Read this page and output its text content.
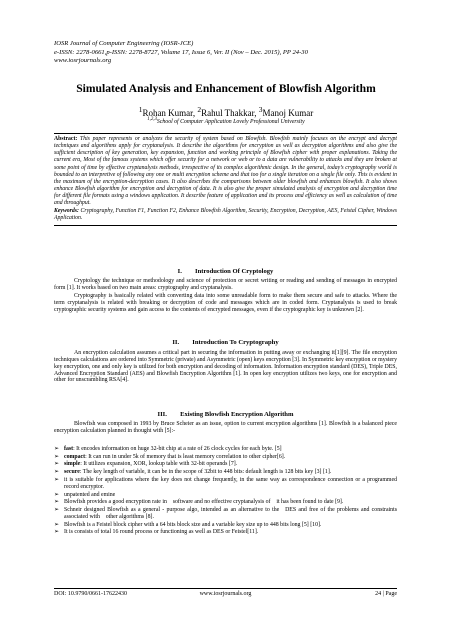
IOSR Journal of Computer Engineering (IOSR-JCE)
e-ISSN: 2278-0661,p-ISSN: 2278-8727, Volume 17, Issue 6, Ver. II (Nov – Dec. 2015), PP 24-30
www.iosrjournals.org
Simulated Analysis and Enhancement of Blowfish Algorithm
$^1$Rohan Kumar, $^2$Rahul Thakkar, $^3$Manoj Kumar
$^{1,2,3}$School of Computer Application Lovely Professional University

Abstract: This paper represents or analyzes the security of system based on Blowfish. Blowfish mainly focuses on the encrypt and decrypt techniques and algorithms apply for cryptanalysis. It describe the algorithms for encryption as well as decryption algorithms and also give the sufficient description of key generation, key expansion, function and working principle of Blowfish cipher with proper explanations. Taking the current era, Most of the famous systems which offer security for a network or web or to a data are vulnerability to attacks and they are broken at some point of time by effective cryptanalysis methods, irrespective of its complex algorithmic design. In the general, today’s cryptography world is bounded to an interpretive of following any one or multi encryption scheme and that too for a single iteration on a single file only. This is evident in the maximum of the encryption-decryption cases. It also describes the comparisons between older blowfish and enhances blowfish. It also shows enhance Blowfish algorithm for encryption and decryption of data. It is also give the proper simulated analysis of encryption and decryption time for different file formats using a windows application. It describe feature of application and its process and efficiency as well as calculation of time and throughput.

Keywords: Cryptography, Function F1, Function F2, Enhance Blowfish Algorithm, Security, Encryption, Decryption, AES, Feistal Cipher, Windows Application.

I.  Introduction Of Cryptology

Cryptology the technique or methodology and science of protection or secret writing or reading and sending of messages in encrypted form [1]. It works based on two main areas: cryptography and cryptanalysis.

Cryptography is basically related with converting data into some unreadable form to make them secure and safe to attacks. Where the term cryptanalysis is related with breaking or decryption of code and messages which are in coded form. Cryptanalysis is used to break cryptographic security systems and gain access to the contents of encrypted messages, even if the cryptographic key is unknown [2].

II.  Introduction To Cryptography

An encryption calculation assumes a critical part in securing the information in putting away or exchanging it[1][9]. The file encryption techniques calculations are ordered into Symmetric (private) and Asymmetric (open) keys encryption [3]. In Symmetric key encryption or mystery key encryption, one and only key is utilized for both encryption and decoding of information. Information encryption standard (DES), Triple DES, Advanced Encryption Standard (AES) and Blowfish Encryption Algorithm [1]. In open key encryption utilizes two keys, one for encryption and other for unscrambling RSA[4].

III.  Existing Blowfish Encryption Algorithm

Blowfish was composed in 1993 by Bruce Scheier as an issue, option to current encryption algorithms [1]. Blowfish is a balanced piece encryption calculation planned in thought with [5]:-

➢ fast: It encodes information on huge 32-bit chip at a rate of 26 clock cycles for each byte. [5]
➢ compact: It can run in under 5k of memory that is least memory correlation to other cipher[6].
➢ simple: It utilizes expansion, XOR, lookup table with 32-bit operands [7].
➢ secure: The key length of variable, it can be in the scope of 32bit to 448 bits: default length is 128 bits key [3] [1].
➢ it is suitable for applications where the key does not change frequently, in the same way as correspondence connection or a programmed record encryptor.
➢ unpatented and emine
➢ Blowfish provides a good encryption rate in software and no effective cryptanalysis of it has been found to date [9].
➢ Schneir designed Blowfish as a general - purpose algo, intended as an alternative to the DES and free of the problems and constraints associated with other algorithms [8].
➢ Blowfish is a Feistel block cipher with a 64 bits block size and a variable key size up to 448 bits long [5] [10].
➢ It is consists of total 16 round process or functioning as well as DES or Feistel[11].
DOI: 10.9790/0661-17622430	www.iosrjournals.org	24 | Page
